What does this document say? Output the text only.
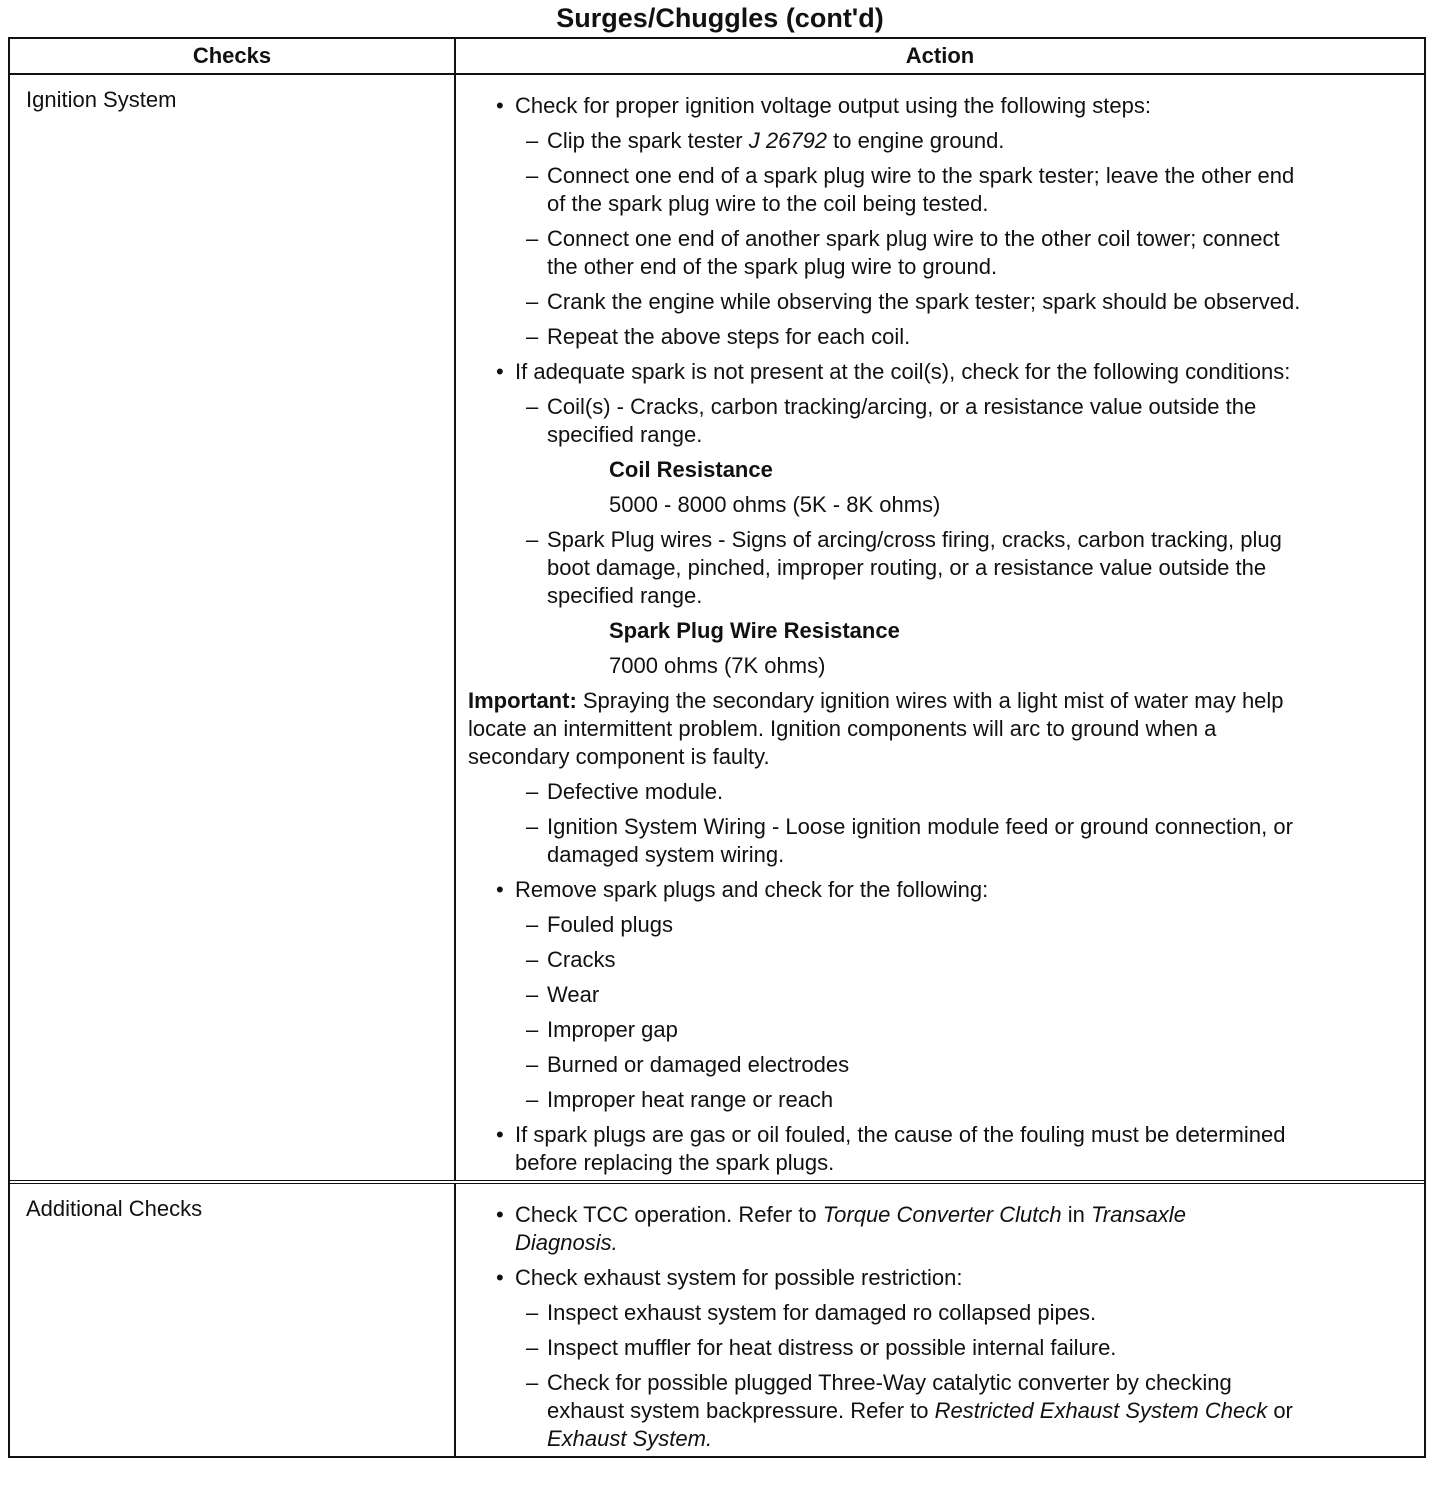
Surges/Chuggles (cont'd)
Checks	Action
Ignition System	• Check for proper ignition voltage output using the following steps:
– Clip the spark tester J 26792 to engine ground.
– Connect one end of a spark plug wire to the spark tester; leave the other end
of the spark plug wire to the coil being tested.
– Connect one end of another spark plug wire to the other coil tower; connect
the other end of the spark plug wire to ground.
– Crank the engine while observing the spark tester; spark should be observed.
– Repeat the above steps for each coil.
• If adequate spark is not present at the coil(s), check for the following conditions:
– Coil(s) - Cracks, carbon tracking/arcing, or a resistance value outside the
specified range.
Coil Resistance
5000 - 8000 ohms (5K - 8K ohms)
– Spark Plug wires - Signs of arcing/cross firing, cracks, carbon tracking, plug
boot damage, pinched, improper routing, or a resistance value outside the
specified range.
Spark Plug Wire Resistance
7000 ohms (7K ohms)
Important: Spraying the secondary ignition wires with a light mist of water may help
locate an intermittent problem. Ignition components will arc to ground when a
secondary component is faulty.
– Defective module.
– Ignition System Wiring - Loose ignition module feed or ground connection, or
damaged system wiring.
• Remove spark plugs and check for the following:
– Fouled plugs
– Cracks
– Wear
– Improper gap
– Burned or damaged electrodes
– Improper heat range or reach
• If spark plugs are gas or oil fouled, the cause of the fouling must be determined
before replacing the spark plugs.
Additional Checks	• Check TCC operation. Refer to Torque Converter Clutch in Transaxle
Diagnosis.
• Check exhaust system for possible restriction:
– Inspect exhaust system for damaged ro collapsed pipes.
– Inspect muffler for heat distress or possible internal failure.
– Check for possible plugged Three-Way catalytic converter by checking
exhaust system backpressure. Refer to Restricted Exhaust System Check or
Exhaust System.
